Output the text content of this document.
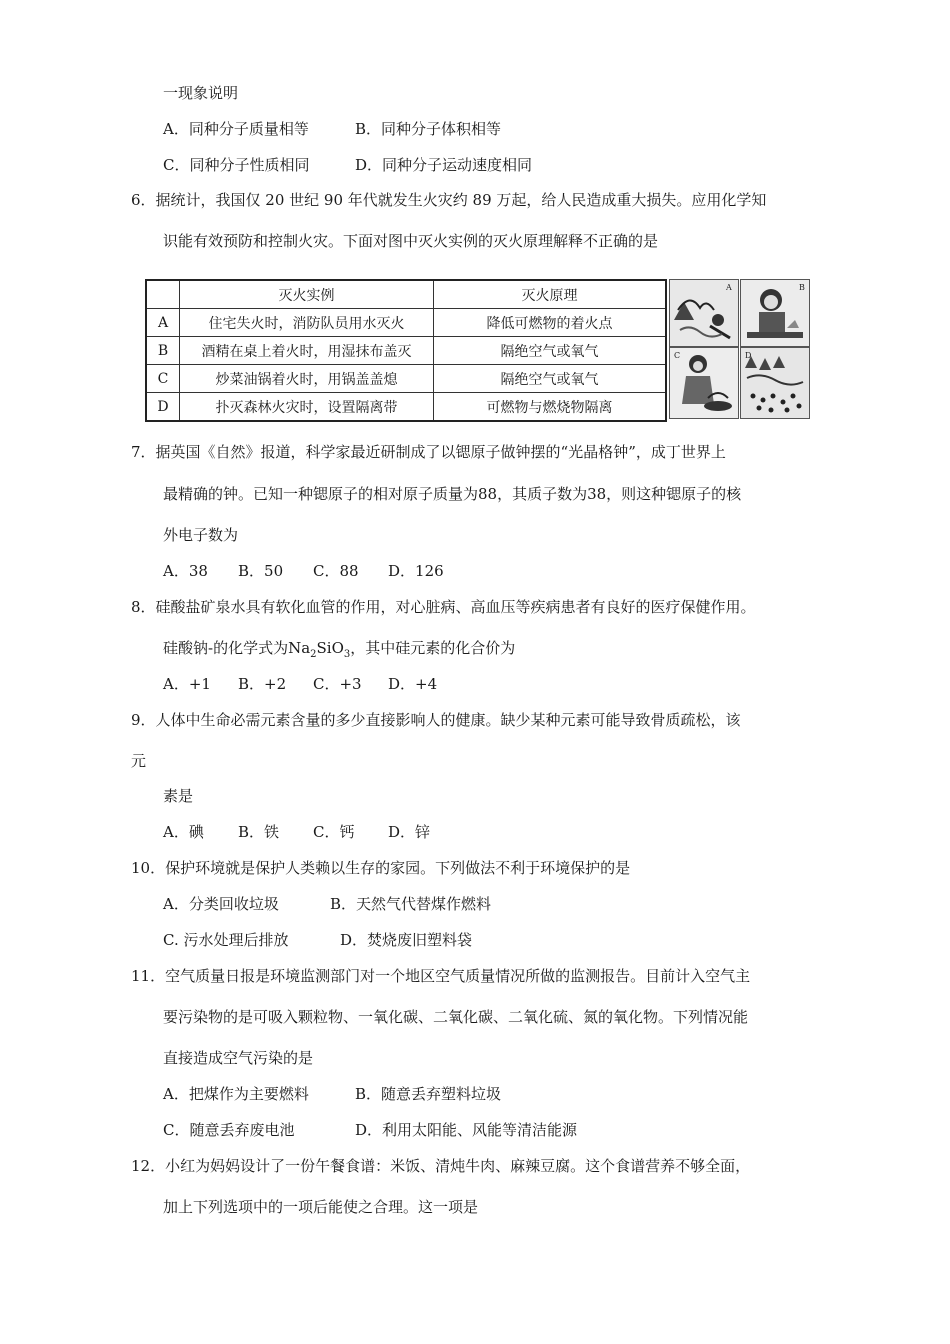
一现象说明
A．同种分子质量相等	B．同种分子体积相等
C．同种分子性质相同	D．同种分子运动速度相同
6．据统计，我国仅 20 世纪 90 年代就发生火灾约 89 万起，给人民造成重大损失。应用化学知
识能有效预防和控制火灾。下面对图中灭火实例的灭火原理解释不正确的是
	灭火实例	灭火原理
A	住宅失火时，消防队员用水灭火	降低可燃物的着火点
B	酒精在桌上着火时，用湿抹布盖灭	隔绝空气或氧气
C	炒菜油锅着火时，用锅盖盖熄	隔绝空气或氧气
D	扑灭森林火灾时，设置隔离带	可燃物与燃烧物隔离
A	B
C	D
7．据英国《自然》报道，科学家最近研制成了以锶原子做钟摆的“光晶格钟”，成丁世界上
最精确的钟。已知一种锶原子的相对原子质量为88，其质子数为38，则这种锶原子的核
外电子数为
A．38 B．50 C．88 D．126
8．硅酸盐矿泉水具有软化血管的作用，对心脏病、高血压等疾病患者有良好的医疗保健作用。
硅酸钠-的化学式为$Na_2SiO_3$，其中硅元素的化合价为
A．+1 B．+2 C．+3 D．+4
9．人体中生命必需元素含量的多少直接影响人的健康。缺少某种元素可能导致骨质疏松，该
元
素是
A．碘 B．铁 C．钙 D．锌
10．保护环境就是保护人类赖以生存的家园。下列做法不利于环境保护的是
A．分类回收垃圾	B．天然气代替煤作燃料
C. 污水处理后排放	D．焚烧废旧塑料袋
11．空气质量日报是环境监测部门对一个地区空气质量情况所做的监测报告。目前计入空气主
要污染物的是可吸入颗粒物、一氧化碳、二氧化碳、二氧化硫、氮的氧化物。下列情况能
直接造成空气污染的是
A．把煤作为主要燃料	B．随意丢弃塑料垃圾
C．随意丢弃废电池	D．利用太阳能、风能等清洁能源
12．小红为妈妈设计了一份午餐食谱：米饭、清炖牛肉、麻辣豆腐。这个食谱营养不够全面，
加上下列选项中的一项后能使之合理。这一项是
